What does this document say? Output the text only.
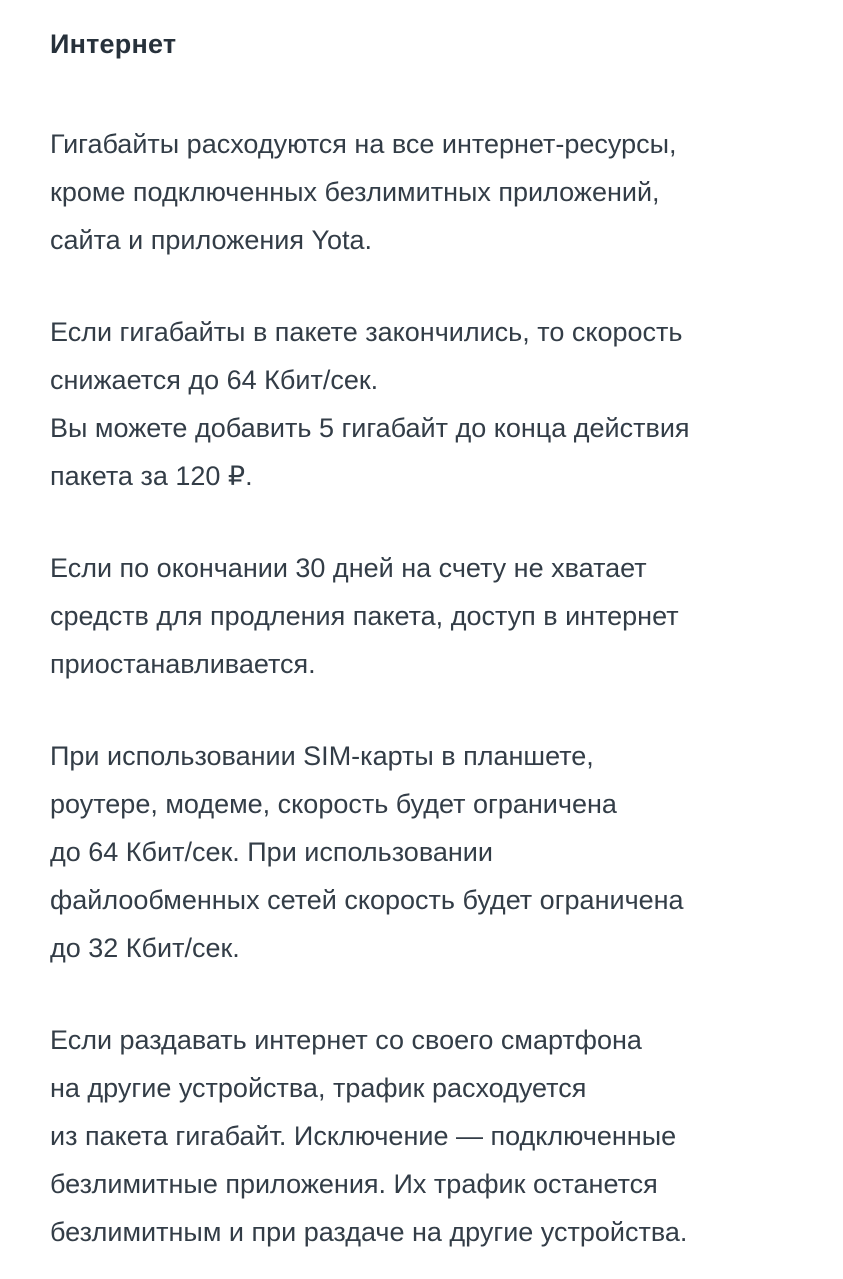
Интернет
Гигабайты расходуются на все интернет-ресурсы,
кроме подключенных безлимитных приложений,
сайта и приложения Yota.
Если гигабайты в пакете закончились, то скорость
снижается до 64 Кбит/сек.
Вы можете добавить 5 гигабайт до конца действия
пакета за 120 ₽.
Если по окончании 30 дней на счету не хватает
средств для продления пакета, доступ в интернет
приостанавливается.
При использовании SIM-карты в планшете,
роутере, модеме, скорость будет ограничена
до 64 Кбит/сек. При использовании
файлообменных сетей скорость будет ограничена
до 32 Кбит/сек.
Если раздавать интернет со своего смартфона
на другие устройства, трафик расходуется
из пакета гигабайт. Исключение — подключенные
безлимитные приложения. Их трафик останется
безлимитным и при раздаче на другие устройства.
